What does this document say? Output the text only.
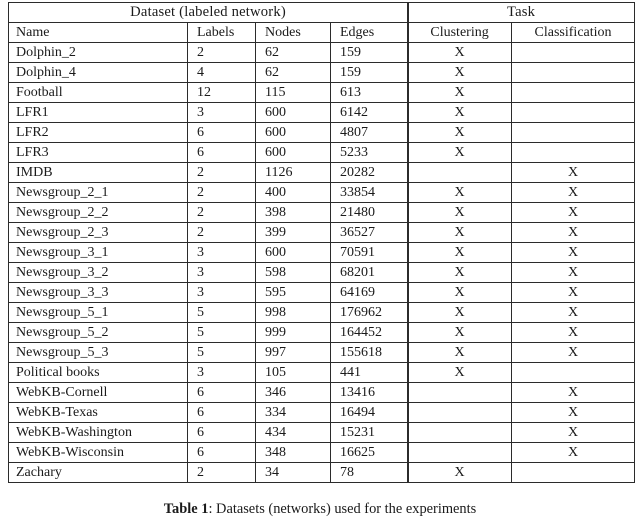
Dataset (labeled network)				Task	
Name	Labels	Nodes	Edges	Clustering	Classification
Dolphin_2	2	62	159	X	
Dolphin_4	4	62	159	X	
Football	12	115	613	X	
LFR1	3	600	6142	X	
LFR2	6	600	4807	X	
LFR3	6	600	5233	X	
IMDB	2	1126	20282		X
Newsgroup_2_1	2	400	33854	X	X
Newsgroup_2_2	2	398	21480	X	X
Newsgroup_2_3	2	399	36527	X	X
Newsgroup_3_1	3	600	70591	X	X
Newsgroup_3_2	3	598	68201	X	X
Newsgroup_3_3	3	595	64169	X	X
Newsgroup_5_1	5	998	176962	X	X
Newsgroup_5_2	5	999	164452	X	X
Newsgroup_5_3	5	997	155618	X	X
Political books	3	105	441	X	
WebKB-Cornell	6	346	13416		X
WebKB-Texas	6	334	16494		X
WebKB-Washington	6	434	15231		X
WebKB-Wisconsin	6	348	16625		X
Zachary	2	34	78	X	
Table 1: Datasets (networks) used for the experiments
